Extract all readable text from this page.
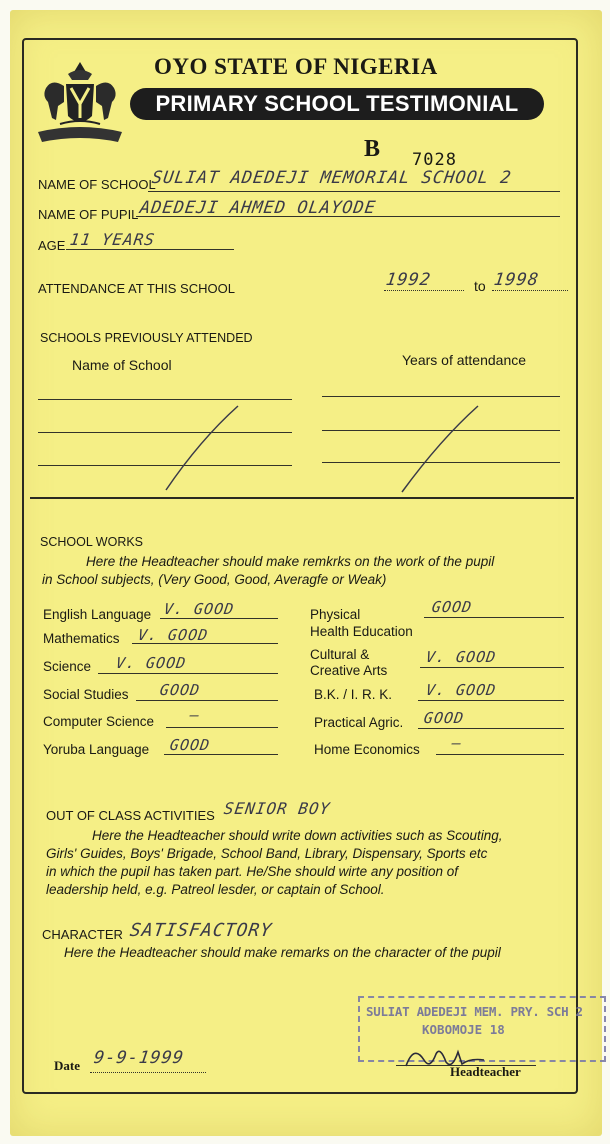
OYO STATE OF NIGERIA
PRIMARY SCHOOL TESTIMONIAL
B 7028
NAME OF SCHOOL
SULIAT ADEDEJI MEMORIAL SCHOOL 2
NAME OF PUPIL ADEDEJI AHMED OLAYODE
AGE 11 YEARS
ATTENDANCE AT THIS SCHOOL	1992	to 1998
SCHOOLS PREVIOUSLY ATTENDED
Name of School	Years of attendance
SCHOOL WORKS
Here the Headteacher should make remkrks on the work of the pupil
in School subjects, (Very Good, Good, Averagfe or Weak)
English Language V. GOOD
Mathematics V. GOOD
Science V. GOOD
Social Studies GOOD
Computer Science —
Yoruba Language GOOD
Physical
Health Education
GOOD
Cultural &
Creative Arts
V. GOOD
B.K. / I. R. K. V. GOOD
Practical Agric. GOOD
Home Economics —
OUT OF CLASS ACTIVITIES SENIOR BOY
Here the Headteacher should write down activities such as Scouting,
Girls' Guides, Boys' Brigade, School Band, Library, Dispensary, Sports etc
in which the pupil has taken part. He/She should wirte any position of
leadership held, e.g. Patreol lesder, or captain of School.
CHARACTER SATISFACTORY
Here the Headteacher should make remarks on the character of the pupil
SULIAT ADEDEJI MEM. PRY. SCH 2
KOBOMOJE 18
Date 9-9-1999
Headteacher
